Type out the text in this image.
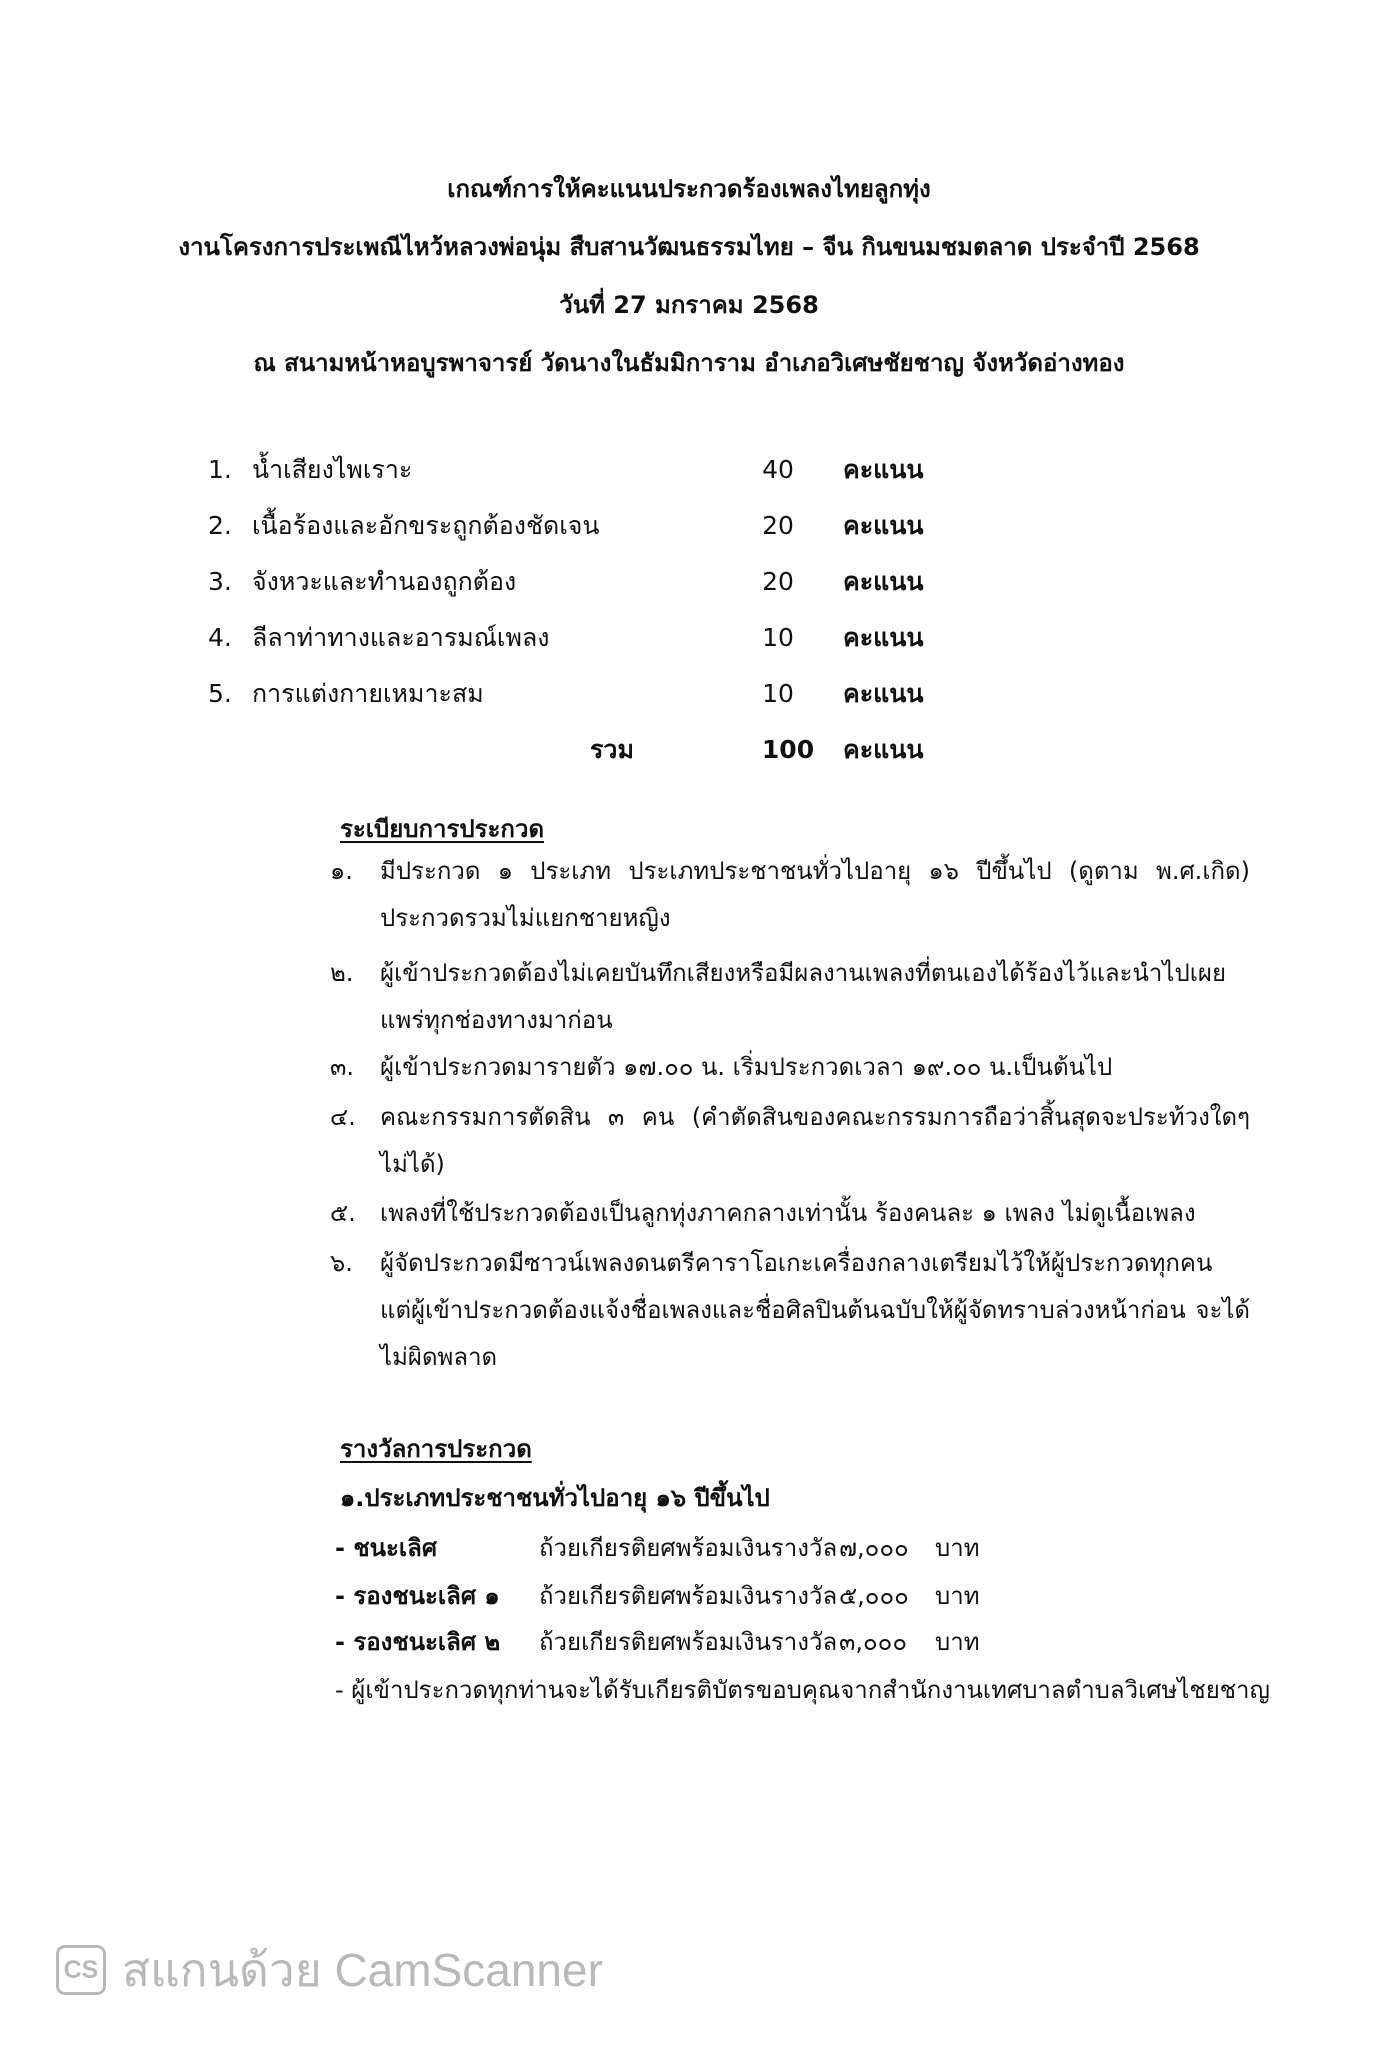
เกณฑ์การให้คะแนนประกวดร้องเพลงไทยลูกทุ่ง
งานโครงการประเพณีไหว้หลวงพ่อนุ่ม สืบสานวัฒนธรรมไทย – จีน กินขนมชมตลาด ประจำปี 2568
วันที่ 27 มกราคม 2568
ณ สนามหน้าหอบูรพาจารย์ วัดนางในธัมมิการาม อำเภอวิเศษชัยชาญ จังหวัดอ่างทอง
1. น้ำเสียงไพเราะ	40	คะแนน
2. เนื้อร้องและอักขระถูกต้องชัดเจน	20	คะแนน
3. จังหวะและทำนองถูกต้อง	20	คะแนน
4. ลีลาท่าทางและอารมณ์เพลง	10	คะแนน
5. การแต่งกายเหมาะสม	10	คะแนน
รวม	100	คะแนน
ระเบียบการประกวด
๑. มีประกวด ๑ ประเภท ประเภทประชาชนทั่วไปอายุ ๑๖ ปีขึ้นไป (ดูตาม พ.ศ.เกิด) ประกวดรวมไม่แยกชายหญิง
๒. ผู้เข้าประกวดต้องไม่เคยบันทึกเสียงหรือมีผลงานเพลงที่ตนเองได้ร้องไว้และนำไปเผยแพร่ทุกช่องทางมาก่อน
๓. ผู้เข้าประกวดมารายตัว ๑๗.๐๐ น. เริ่มประกวดเวลา ๑๙.๐๐ น.เป็นต้นไป
๔. คณะกรรมการตัดสิน ๓ คน (คำตัดสินของคณะกรรมการถือว่าสิ้นสุดจะประท้วงใดๆ ไม่ได้)
๕. เพลงที่ใช้ประกวดต้องเป็นลูกทุ่งภาคกลางเท่านั้น ร้องคนละ ๑ เพลง ไม่ดูเนื้อเพลง
๖. ผู้จัดประกวดมีซาวน์เพลงดนตรีคาราโอเกะเครื่องกลางเตรียมไว้ให้ผู้ประกวดทุกคน แต่ผู้เข้าประกวดต้องแจ้งชื่อเพลงและชื่อศิลปินต้นฉบับให้ผู้จัดทราบล่วงหน้าก่อน จะได้ไม่ผิดพลาด
รางวัลการประกวด
๑.ประเภทประชาชนทั่วไปอายุ ๑๖ ปีขึ้นไป
- ชนะเลิศ	ถ้วยเกียรติยศพร้อมเงินรางวัล ๗,๐๐๐ บาท
- รองชนะเลิศ ๑ ถ้วยเกียรติยศพร้อมเงินรางวัล ๕,๐๐๐ บาท
- รองชนะเลิศ ๒ ถ้วยเกียรติยศพร้อมเงินรางวัล ๓,๐๐๐ บาท
- ผู้เข้าประกวดทุกท่านจะได้รับเกียรติบัตรขอบคุณจากสำนักงานเทศบาลตำบลวิเศษไชยชาญ
CS สแกนด้วย CamScanner
